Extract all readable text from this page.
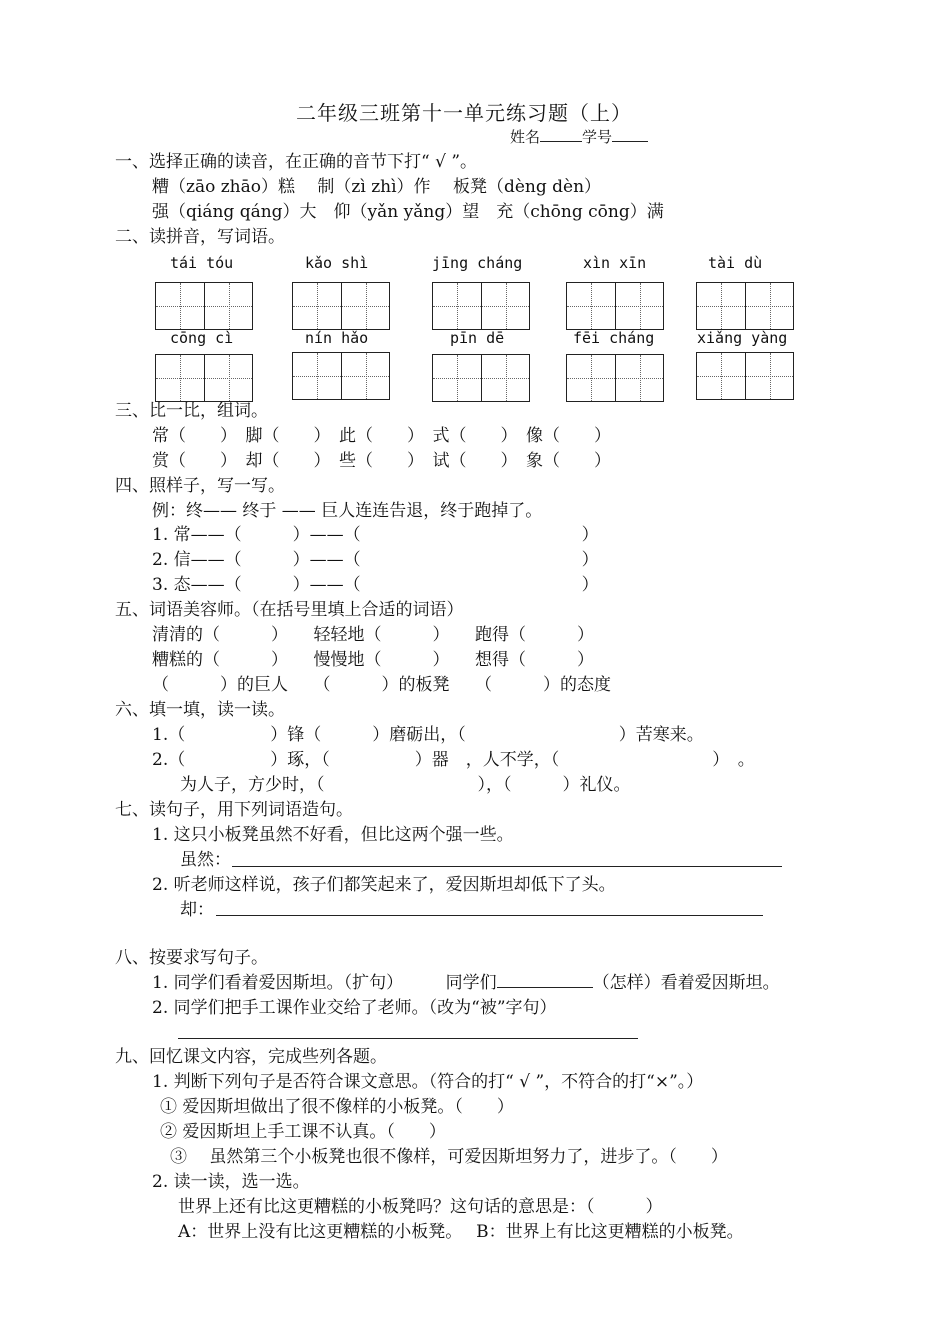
二年级三班第十一单元练习题（上）
姓名	学号
一、选择正确的读音，在正确的音节下打“ √ ”。
糟（zāo zhāo）糕　 制（zì zhì）作　 板凳（dèng dèn）
强（qiáng qáng）大　仰（yǎn yǎng）望　充（chōng cōng）满
二、读拼音，写词语。
tái tóu	kǎo shì	jīng cháng	xìn xīn	tài dù
cōng cì	nín hǎo	pīn dē	fēi cháng	xiǎng yàng
三、比一比，组词。
常（　　）　脚（　　）　此（　　）　式（　　）　像（　　）
赏（　　）　却（　　）　些（　　）　试（　　）　象（　　）
四、照样子，写一写。
例：终—— 终于 —— 巨人连连告退，终于跑掉了。
1. 常——（　　　）——（　　　　　　　　　　　　　）
2. 信——（　　　）——（　　　　　　　　　　　　　）
3. 态——（　　　）——（　　　　　　　　　　　　　）
五、词语美容师。（在括号里填上合适的词语）
清清的（　　　）　　轻轻地（　　　）　　跑得（　　　）
糟糕的（　　　）　　慢慢地（　　　）　　想得（　　　）
（　　　）的巨人　　（　　　）的板凳　　（　　　）的态度
六、填一填，读一读。
1.（　　　　　）锋（　　　）磨砺出，（　　　　　　　　　）苦寒来。
2.（　　　　　）琢，（　　　　　）器　，人不学，（　　　　　　　　　）　。
为人子，方少时，（　　　　　　　　　），（　　　）礼仪。
七、读句子，用下列词语造句。
1. 这只小板凳虽然不好看，但比这两个强一些。
虽然：
2. 听老师这样说，孩子们都笑起来了，爱因斯坦却低下了头。
却：
八、按要求写句子。
1. 同学们看着爱因斯坦。（扩句）　　　同学们	（怎样）看着爱因斯坦。
2. 同学们把手工课作业交给了老师。（改为“被”字句）
九、回忆课文内容，完成些列各题。
1. 判断下列句子是否符合课文意思。（符合的打“ √ ”，不符合的打“×”。）
① 爱因斯坦做出了很不像样的小板凳。（　　）
② 爱因斯坦上手工课不认真。（　　）
③　 虽然第三个小板凳也很不像样，可爱因斯坦努力了，进步了。（　　）
2. 读一读，选一选。
世界上还有比这更糟糕的小板凳吗？这句话的意思是：（　　　）
A：世界上没有比这更糟糕的小板凳。　 B：世界上有比这更糟糕的小板凳。
